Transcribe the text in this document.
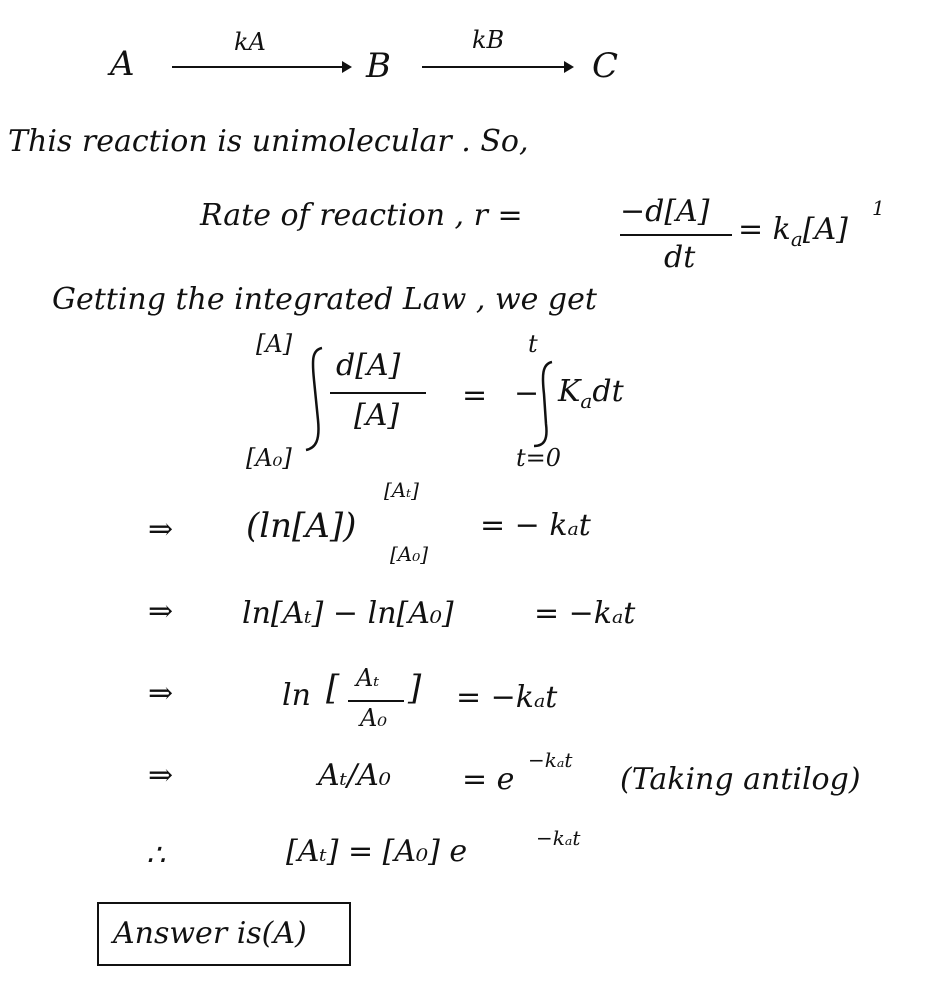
A
kA
B
kB
C
This reaction is unimolecular . So,
Rate of reaction , r =	−d[A]
dt
= $k_a[A]$
1
Getting the integrated Law , we get
[A]
[A₀]
d[A]
[A]
= −
t
t=0
$K_adt$
⇒ (ln[A])
[Aₜ]
[A₀]
= − kₐt
⇒ ln[Aₜ] − ln[A₀]	= −kₐt
⇒	ln [ Aₜ
A₀
] = −kₐt
⇒	Aₜ/A₀ = e
−kₐt
(Taking antilog)
∴	[Aₜ] = [A₀] e	−kₐt
Answer is(A)
